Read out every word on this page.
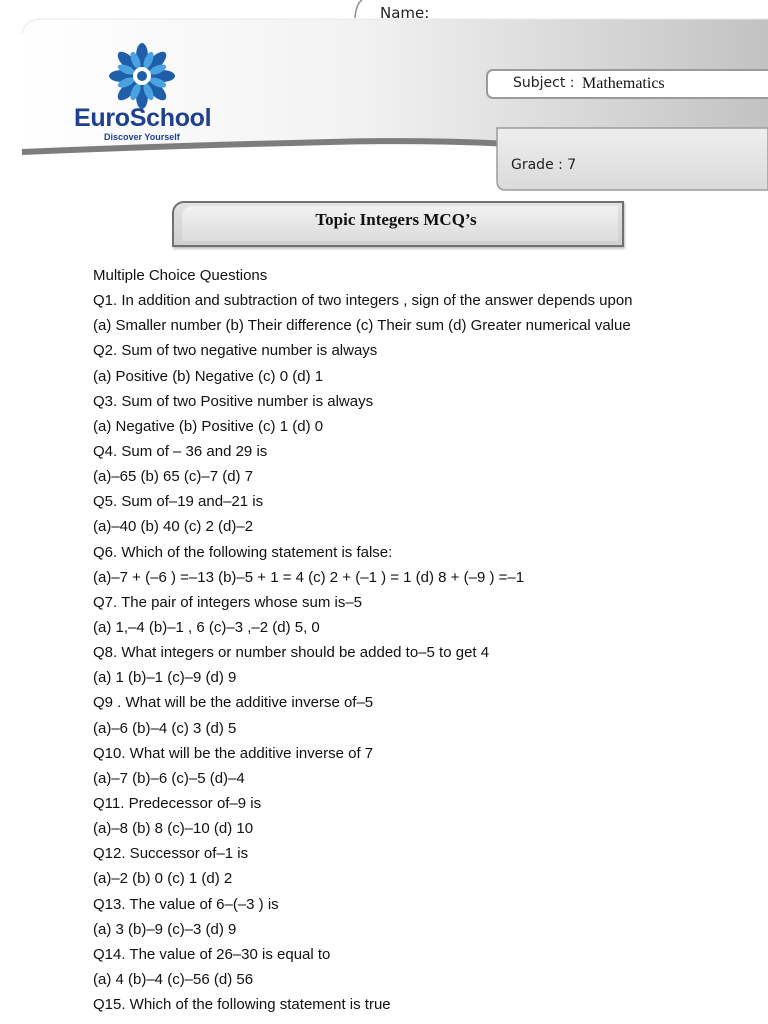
Name:
EuroSchool
Discover Yourself
Subject : Mathematics
Grade : 7
Topic Integers MCQ’s
Multiple Choice Questions
Q1. In addition and subtraction of two integers , sign of the answer depends upon
(a) Smaller number (b) Their difference (c) Their sum (d) Greater numerical value
Q2. Sum of two negative number is always
(a) Positive (b) Negative (c) 0 (d) 1
Q3. Sum of two Positive number is always
(a) Negative (b) Positive (c) 1 (d) 0
Q4. Sum of – 36 and 29 is
(a)–65 (b) 65 (c)–7 (d) 7
Q5. Sum of–19 and–21 is
(a)–40 (b) 40 (c) 2 (d)–2
Q6. Which of the following statement is false:
(a)–7 + (–6 ) =–13 (b)–5 + 1 = 4 (c) 2 + (–1 ) = 1 (d) 8 + (–9 ) =–1
Q7. The pair of integers whose sum is–5
(a) 1,–4 (b)–1 , 6 (c)–3 ,–2 (d) 5, 0
Q8. What integers or number should be added to–5 to get 4
(a) 1 (b)–1 (c)–9 (d) 9
Q9 . What will be the additive inverse of–5
(a)–6 (b)–4 (c) 3 (d) 5
Q10. What will be the additive inverse of 7
(a)–7 (b)–6 (c)–5 (d)–4
Q11. Predecessor of–9 is
(a)–8 (b) 8 (c)–10 (d) 10
Q12. Successor of–1 is
(a)–2 (b) 0 (c) 1 (d) 2
Q13. The value of 6–(–3 ) is
(a) 3 (b)–9 (c)–3 (d) 9
Q14. The value of 26–30 is equal to
(a) 4 (b)–4 (c)–56 (d) 56
Q15. Which of the following statement is true
